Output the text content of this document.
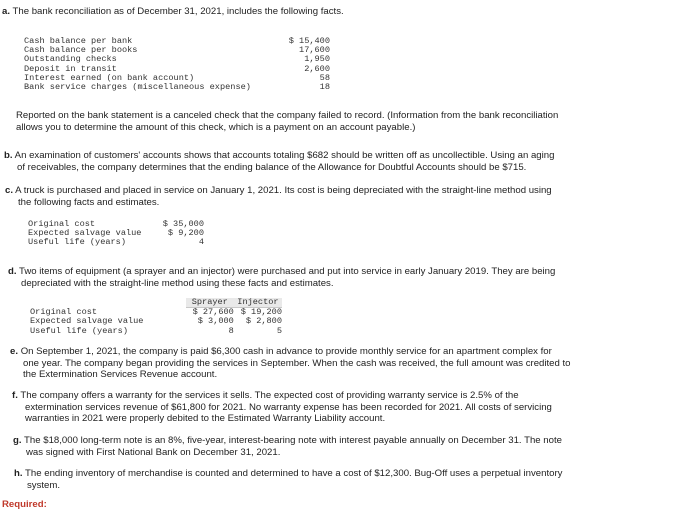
a. The bank reconciliation as of December 31, 2021, includes the following facts.
Cash balance per bank	$ 15,400
Cash balance per books	17,600
Outstanding checks	1,950
Deposit in transit	2,600
Interest earned (on bank account)	58
Bank service charges (miscellaneous expense)	18
Reported on the bank statement is a canceled check that the company failed to record. (Information from the bank reconciliation
allows you to determine the amount of this check, which is a payment on an account payable.)
b. An examination of customers' accounts shows that accounts totaling $682 should be written off as uncollectible. Using an aging
of receivables, the company determines that the ending balance of the Allowance for Doubtful Accounts should be $715.
c. A truck is purchased and placed in service on January 1, 2021. Its cost is being depreciated with the straight-line method using
the following facts and estimates.
Original cost	$ 35,000
Expected salvage value	$ 9,200
Useful life (years)	4
d. Two items of equipment (a sprayer and an injector) were purchased and put into service in early January 2019. They are being
depreciated with the straight-line method using these facts and estimates.
	Sprayer	Injector
Original cost	$ 27,600	$ 19,200
Expected salvage value	$ 3,000	$ 2,800
Useful life (years)	8	5
e. On September 1, 2021, the company is paid $6,300 cash in advance to provide monthly service for an apartment complex for
one year. The company began providing the services in September. When the cash was received, the full amount was credited to
the Extermination Services Revenue account.
f. The company offers a warranty for the services it sells. The expected cost of providing warranty service is 2.5% of the
extermination services revenue of $61,800 for 2021. No warranty expense has been recorded for 2021. All costs of servicing
warranties in 2021 were properly debited to the Estimated Warranty Liability account.
g. The $18,000 long-term note is an 8%, five-year, interest-bearing note with interest payable annually on December 31. The note
was signed with First National Bank on December 31, 2021.
h. The ending inventory of merchandise is counted and determined to have a cost of $12,300. Bug-Off uses a perpetual inventory
system.
Required:
